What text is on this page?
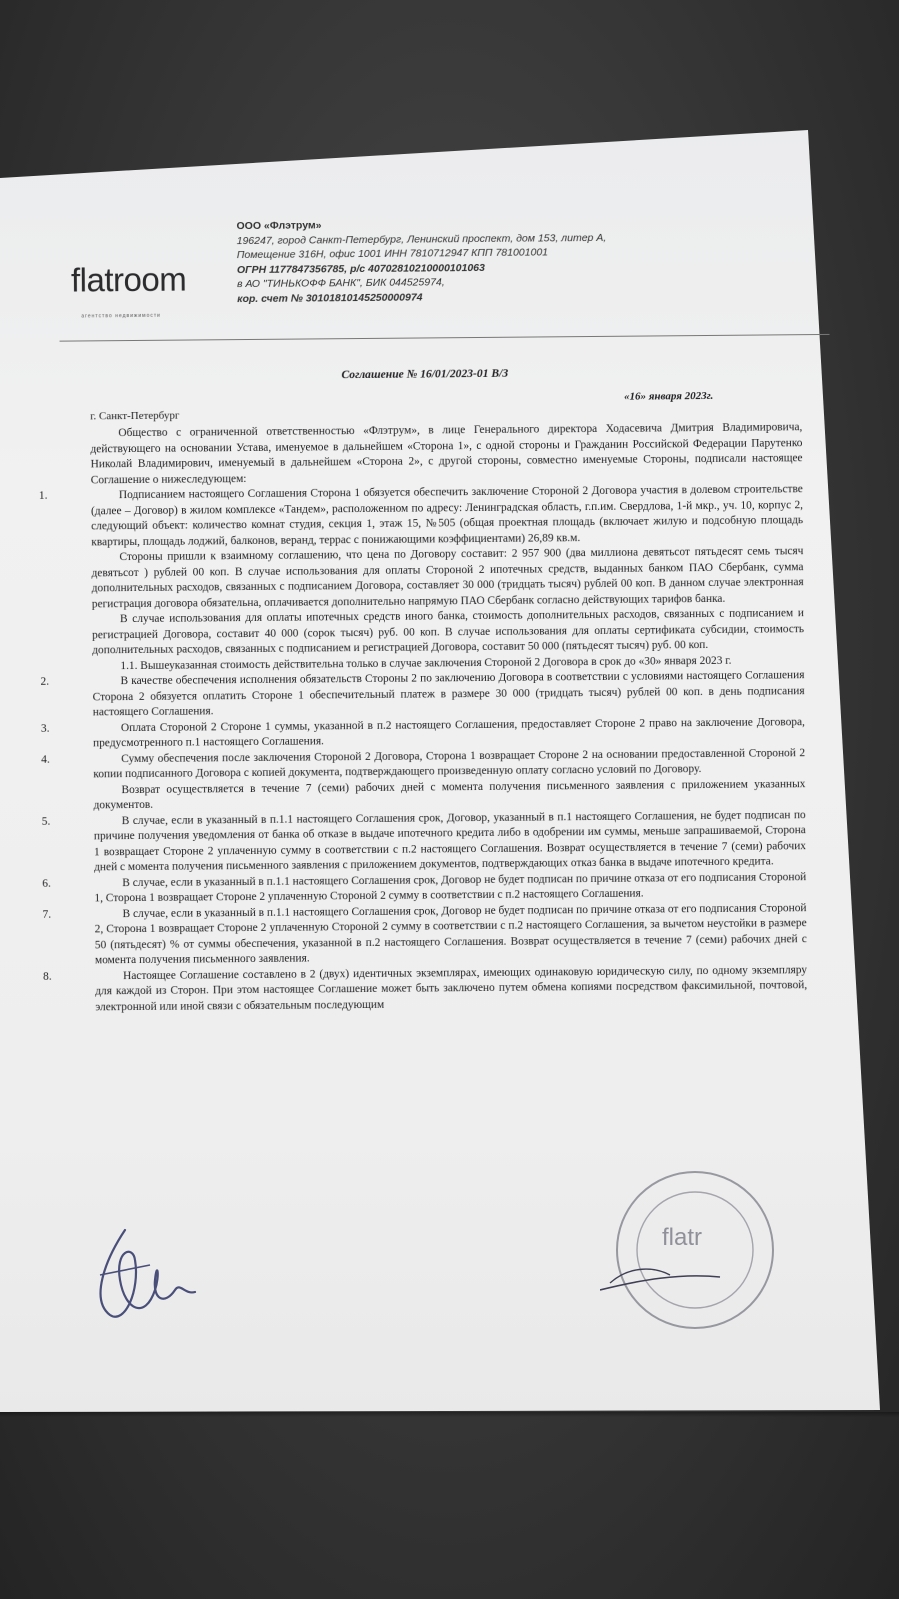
flatroom
агентство недвижимости
ООО «Флэтрум»
196247, город Санкт-Петербург, Ленинский проспект, дом 153, литер А,
Помещение 316Н, офис 1001 ИНН 7810712947 КПП 781001001
ОГРН 1177847356785, р/с 40702810210000101063
в АО "ТИНЬКОФФ БАНК", БИК 044525974,
кор. счет № 30101810145250000974
Соглашение № 16/01/2023-01 В/З
«16» января 2023г.
г. Санкт-Петербург

Общество с ограниченной ответственностью «Флэтрум», в лице Генерального директора Ходасевича Дмитрия Владимировича, действующего на основании Устава, именуемое в дальнейшем «Сторона 1», с одной стороны и Гражданин Российской Федерации Парутенко Николай Владимирович, именуемый в дальнейшем «Сторона 2», с другой стороны, совместно именуемые Стороны, подписали настоящее Соглашение о нижеследующем:

1.	Подписанием настоящего Соглашения Сторона 1 обязуется обеспечить заключение Стороной 2 Договора участия в долевом строительстве (далее – Договор) в жилом комплексе «Тандем», расположенном по адресу: Ленинградская область, г.п.им. Свердлова, 1-й мкр., уч. 10, корпус 2, следующий объект: количество комнат студия, секция 1, этаж 15, №505 (общая проектная площадь (включает жилую и подсобную площадь квартиры, площадь лоджий, балконов, веранд, террас с понижающими коэффициентами) 26,89 кв.м.

Стороны пришли к взаимному соглашению, что цена по Договору составит: 2 957 900 (два миллиона девятьсот пятьдесят семь тысяч девятьсот ) рублей 00 коп. В случае использования для оплаты Стороной 2 ипотечных средств, выданных банком ПАО Сбербанк, сумма дополнительных расходов, связанных с подписанием Договора, составляет 30 000 (тридцать тысяч) рублей 00 коп. В данном случае электронная регистрация договора обязательна, оплачивается дополнительно напрямую ПАО Сбербанк согласно действующих тарифов банка.

В случае использования для оплаты ипотечных средств иного банка, стоимость дополнительных расходов, связанных с подписанием и регистрацией Договора, составит 40 000 (сорок тысяч) руб. 00 коп. В случае использования для оплаты сертификата субсидии, стоимость дополнительных расходов, связанных с подписанием и регистрацией Договора, составит 50 000 (пятьдесят тысяч) руб. 00 коп.

1.1. Вышеуказанная стоимость действительна только в случае заключения Стороной 2 Договора в срок до «30» января 2023 г.

2.	В качестве обеспечения исполнения обязательств Стороны 2 по заключению Договора в соответствии с условиями настоящего Соглашения Сторона 2 обязуется оплатить Стороне 1 обеспечительный платеж в размере 30 000 (тридцать тысяч) рублей 00 коп. в день подписания настоящего Соглашения.

3.	Оплата Стороной 2 Стороне 1 суммы, указанной в п.2 настоящего Соглашения, предоставляет Стороне 2 право на заключение Договора, предусмотренного п.1 настоящего Соглашения.

4.	Сумму обеспечения после заключения Стороной 2 Договора, Сторона 1 возвращает Стороне 2 на основании предоставленной Стороной 2 копии подписанного Договора с копией документа, подтверждающего произведенную оплату согласно условий по Договору.

Возврат осуществляется в течение 7 (семи) рабочих дней с момента получения письменного заявления с приложением указанных документов.

5.	В случае, если в указанный в п.1.1 настоящего Соглашения срок, Договор, указанный в п.1 настоящего Соглашения, не будет подписан по причине получения уведомления от банка об отказе в выдаче ипотечного кредита либо в одобрении им суммы, меньше запрашиваемой, Сторона 1 возвращает Стороне 2 уплаченную сумму в соответствии с п.2 настоящего Соглашения. Возврат осуществляется в течение 7 (семи) рабочих дней с момента получения письменного заявления с приложением документов, подтверждающих отказ банка в выдаче ипотечного кредита.

6.	В случае, если в указанный в п.1.1 настоящего Соглашения срок, Договор не будет подписан по причине отказа от его подписания Стороной 1, Сторона 1 возвращает Стороне 2 уплаченную Стороной 2 сумму в соответствии с п.2 настоящего Соглашения.

7.	В случае, если в указанный в п.1.1 настоящего Соглашения срок, Договор не будет подписан по причине отказа от его подписания Стороной 2, Сторона 1 возвращает Стороне 2 уплаченную Стороной 2 сумму в соответствии с п.2 настоящего Соглашения, за вычетом неустойки в размере 50 (пятьдесят) % от суммы обеспечения, указанной в п.2 настоящего Соглашения. Возврат осуществляется в течение 7 (семи) рабочих дней с момента получения письменного заявления.

8.	Настоящее Соглашение составлено в 2 (двух) идентичных экземплярах, имеющих одинаковую юридическую силу, по одному экземпляру для каждой из Сторон. При этом настоящее Соглашение может быть заключено путем обмена копиями посредством факсимильной, почтовой, электронной или иной связи с обязательным последующим

flatr
